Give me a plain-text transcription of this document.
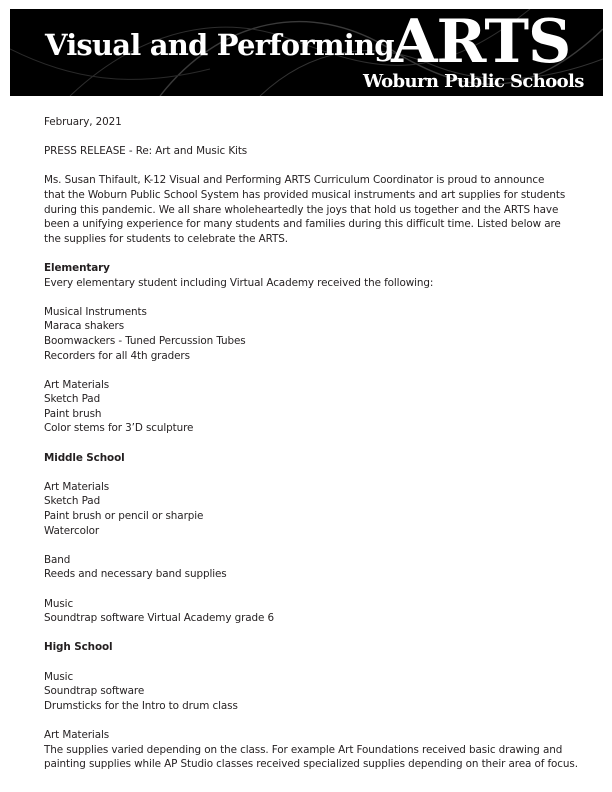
Visual and Performing
ARTS
Woburn Public Schools

February, 2021

PRESS RELEASE - Re: Art and Music Kits

Ms. Susan Thifault, K-12 Visual and Performing ARTS Curriculum Coordinator is proud to announce

that the Woburn Public School System has provided musical instruments and art supplies for students

during this pandemic. We all share wholeheartedly the joys that hold us together and the ARTS have

been a unifying experience for many students and families during this difficult time. Listed below are

the supplies for students to celebrate the ARTS.

Elementary

Every elementary student including Virtual Academy received the following:

Musical Instruments

Maraca shakers

Boomwackers - Tuned Percussion Tubes

Recorders for all 4th graders

Art Materials

Sketch Pad

Paint brush

Color stems for 3’D sculpture

Middle School

Art Materials

Sketch Pad

Paint brush or pencil or sharpie

Watercolor

Band

Reeds and necessary band supplies

Music

Soundtrap software Virtual Academy grade 6

High School

Music

Soundtrap software

Drumsticks for the Intro to drum class

Art Materials

The supplies varied depending on the class. For example Art Foundations received basic drawing and

painting supplies while AP Studio classes received specialized supplies depending on their area of focus.
